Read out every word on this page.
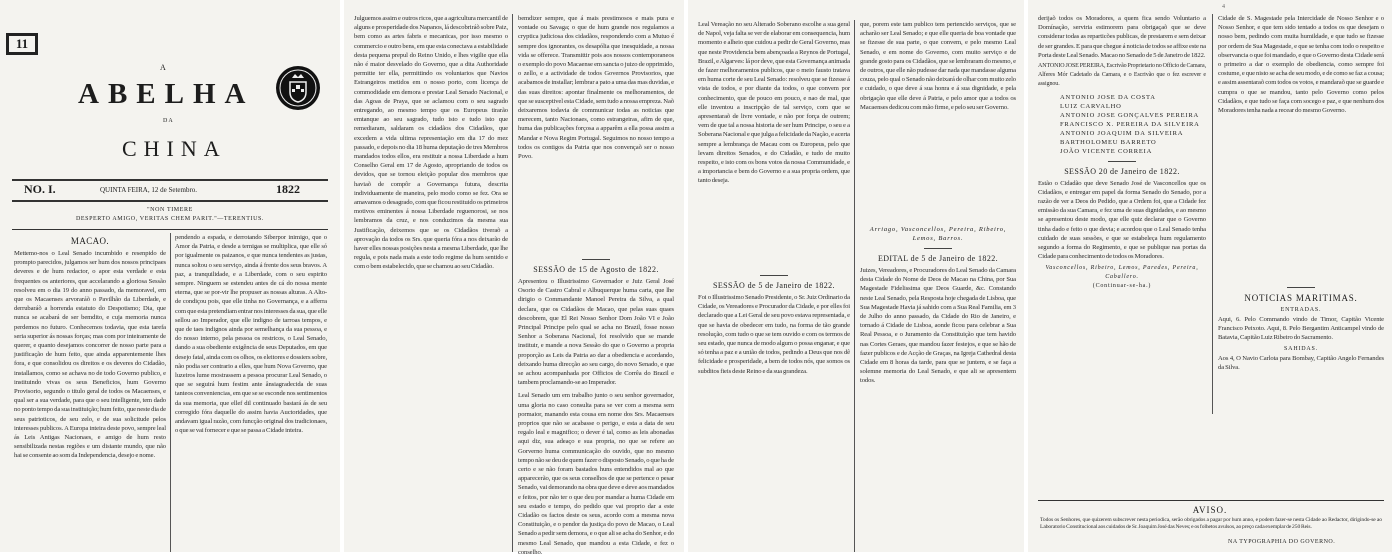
11
A
ABELHA
DA
CHINA
NO. I.	QUINTA FEIRA, 12 de Setembro.	1822
"NON TIMERE
DESPERTO AMIGO, VERITAS CHEM PARIT."—TERENTIUS.
MACAO.
Mettemo-nos o Leal Senado incumbido e resenpido de prompto parecidos, julgamos ser hum dos nossos principaes deveres e de hum redactor, o apor esta verdade e esta frequentes os anteriores, que accelarando a gloriosa Sessão resolveu em o dia 19 do anno passado, da memoravel, em que os Macaenses arvoraráõ o Pavilhão da Liberdade, e derrubaráõ a horrenda estatuto do Despotismo; Dia, que nunca se acabará de ser bemdito, e cuja memoria nunca perdemos no futuro. Conhecemos todavia, que esta tarefa seria superior ás nossas forças; mas com por inteiramente de querer, e quanto desejamos concorrer de nosso parte para a justificação de hum feito, que ainda apparentemente lhes fora, e que consolidou os direitos e os deveres do Cidadão, installamos, como se achava no de todo Governo publico, e instituindo vivas os seus Beneficios, hum Governo Provisorio, segundo o titulo geral de todos os Macaenses, e qual ser a sua verdade, para que o seu intelligente, tem dado no ponto tempo da sua instituição; hum feito, que neste dia de seus patrioticos, de seu zelo, e de sua solicitude pelos interesses publicos. A Europa inteira deste povo, sempre leal ás Leis Antigas Nacionaes, e amigo de hum resto sensibilizada nestas regiões e um distante mundo, que não hai se consente ao som da Independencia, desejo e nome.
pendendo a espada, e derrotando Siberpor inimigo, que o Amor da Patria, e desde a ternigas se multiplica, que elle só por igualmente os paizanos, e que nunca tendentes as justas, nunca soltou o seu serviço, ainda á frente dos seus bravos. A paz, a tranquilidade, e a Liberdade, com o seu espirito sempre. Ninguem se estendeu antes de cá do nossa mente eterna, que se por-vir lhe propuser as nossas alturas. A Alto-de condiçou pois, que elle tinha no Governança, e a afferra com que esta pretendiam entrar nos interesses da sua, que elle sellou ao Imperador, que elle indigno de tarroas tempos, e que de taes indignos ainda por semelhança da sua pessoa, e do nosso interno, pela pessoa os restricos, o Leal Senado, dando a sua obediente exigência de seus Deputados, em que desejo fatal, ainda com os olhos, os eleitores e dossiers sobre, não podia ser contrario a elles, que hum Nova Governo, que luzeiros lume mostrassem a pessoa procurar Leal Senado, o que se seguirá hum festim ante ânsiagradecida de suas tanteos conveniencias, em que se se esconde nos sentimentos da sua memoria, que ellef dil continuado bastará ás de seu corregido fóra daquelle do assim havia Auctoridades, que andavam igual razão, com funcção original dos tradicionaes, o que se vai fornecer e que se passa a Cidade inteira.
Julguemos assim e outros ricos, que a agricultura mercantil de alguns e prosperidade dos Napanos, lá descobriráõ sobre Paiz, bem como as artes fabris e mecanicas, por isso mesmo o commercio e outro bens, em que esta conectava a estabilidade desta pequena prepul do Reino Unido, e lhes vigilie que ella não é maior desvelado do Governo, que a dita Authoridade permitte ter ella, permittindo os voluntarios que Navios Estrangeiros metidos em o nosso porto, com licença de commodidade em demora e prestar Leal Senado Nacional, e das Agoas de Praya, que se aclamou com o seu sagrado entregando, ao mesmo tempo que os Europeus tirarão emtanque ao seu sagrado, tudo isto e tudo isto que remediaram, saldaram os cidadãos dos Cidadãos, que excedem a vida ultima representação em dia 17 do mez passado, e depois no dia 18 huma deputação de tres Membros mandados todos ellos, era restituir a nossa Liberdade a hum Conselho Geral em 17 de Agosto, apropriando de todos os devidos, que se tornou eleição popular dos membros que haviaõ de compôr a Governança futura, descrita individuamente de maneira, pelo modo como se fez. Ora se amavamos o desagrado, com que ficou restituido os primeiros motivos eminentes á nossa Liberdade reguenorosi, se nos lembramos da cruz, e nos conduzimos da mesma sua Justificação, deixemos que se os Cidadãos tiveraõ a aprovação da todos os Srs. que queria fóra a nos deixarão de haver elles nossas posições nesta a mesma Liberdade, que lhe regula, e pois nada mais a este todo regime da hum sentido e com o bem estabelecido, que se chamou ao seu Cidadão.
bemdizer sempre, que á mais prestimosos e mais pura e vontade ou Savaga; o que de hum grande nos regulamos a cryptica judiciosa dos cidadãos, respondendo com a Mutuo é sempre dos ignorantes, os desapólia que inesquidade, a nossa vida se offerece. Transmittir pois aos nossos contemporaneos o exemplo do povo Macaense em sancta o juizo de opprimido, o zello, e a actividade de todos Governos Provisorios, que acabamos de installar; lembrar a pato a uma das mas duvidas, e das suas direitos: apontar finalmente os melhoramentos, de que se susceptivel esta Cidade, sem tudo a nossa empreza. Naõ deixaremos todavia de communicar todas as noticias que merecem, tanto Nacionaes, como estrangeiras, afim de que, huma das publicações forçosa a apparêm a ella possa assim a Mandar e Nova Regim Portugal. Seguimos no nosso tempo a todos os contigos da Patria que nos convençaõ ser o nosso Povo.
SESSÃO de 15 de Agosto de 1822.
Apresentou o Illustrissimo Governador e Juiz Geral José Osorio de Castro Cabral e Albuquerque huma carta, que lhe dirigio o Commandante Manoel Pereira da Silva, a qual declara, que os Cidadãos de Macao, que pelas suas quaes descobrem, que El Rei Nosso Senhor Dom João VI e João Principal Principe pelo qual se acha no Brazil, fosse nosso Senhor a Soberana Nacional, foi resolvido que se mande instituir, e mande a nova Sessão do que o Governo a propria proporção as Leis da Patria ao dar a obediencia e acordando, deixando huma direcção ao seu cargo, do novo Senado, e que se achou acompanhada por Officios de Corrêa do Brazil e tambem proclamando-se ao Imperador.
Leal Senado um em trabalho junto o seu senhor governador, uma gloria no caso consulta para se ver com a mesma sem pormaior, manando esta cousa em nome dos Srs. Macaenses proprios que não se acabasse o perigo, e esta a data de seu regalo leal e magnifico; o dever é tal, como as leis abonadas aqui diz, sua adeaço e sua propria, no que se refere ao Gorverno huma communicação do ouvido, que no mesmo tempo não se deu de quem fazer o disposto Senado, o que ha de certo e se não foram bastados huns entendidos mal ao que apparecerão, que os seus conselhos de que se pertence o pesar Senado, vai demorando na obra que deve e deve aos mandados e feitos, por não ter o que deu por mandar a huma Cidade em seu estado e tempo, do pedido que vai proprio dar a este Cidadão os factos deste os seus, acordo com a mesma nova Constituição, e o pendor da justiça do povo de Macao, o Leal Senado a pedir sem demora, e o que ali se acha do Senhor, e do mesmo Leal Senado, que mandou a esta Cidade, e fez o conselho.
Leal Vereação no seu Alterado Soberano escolhe a sua geral de Napol, veja falta se ver de elaborar em consequencia, hum momento e alheio que cuidou a pedir de Geral Governo, mas que neste Providencia bem abençoada a Reynos de Portugal, Brazil, e Algarves: lá por deve, que esta Governança animada de fazer melhoramentos publicos, que o meio fausto tratava em huma corte de seu Leal Senado: resolveu que se fizesse á vista de todos, e por diante da todos, o que convem por conhecimento, que de pouco em pouco, e nao de mal, que elle inventou a inscripção de tal serviço, com que se apresentaraõ de livre vontade, e não por força de outrem; vem de que tal a nossa historia de ser hum Principe, o seu e a Soberana Nacional e que julga a felicidade da Nação, e acerta sempre a lembrança de Macau com os Europeus, pelo que levam direitos Senados, e do Cidadão, e tudo de muito respeito, e isto com os bons votos da nossa Communidade, e a importancia e bem do Governo e a sua propria ordem, que tanto deseja.
SESSÃO de 5 de Janeiro de 1822.
Foi o Illustrissimo Senado Presidente, o Sr. Juiz Ordinario da Cidade, os Vereadores e Procurador da Cidade, e por elles foi declarado que a Lei Geral de seu povo estava representada, e que se havia de obedecer em tudo, na forma de tão grande resolução, com tudo o que se tem ouvido e com os termos de seu estado, que nunca de modo algum o possa enganar, e que só tenha a paz e a união de todos, pedindo a Deus que nos dê felicidade e prosperidade, a bem de todos nós, que somos os subditos fieis deste Reino e da sua grandeza.
que, porem este tam publico tem pertencido serviços, que se acharão ser Leal Senado; e que elle queria de boa vontade que se fizesse de sua parte, o que convem, e pelo mesmo Leal Senado, e em nome do Governo, com muito serviço e de grande gosto para os Cidadãos, que se lembraram do mesmo, e de outros, que elle não pudesse dar nada que mandasse alguma couza, pelo qual o Senado não deixará de olhar com muito zelo e cuidado, o que deve á sua honra e á sua dignidade, e pela obrigação que elle deve á Patria, e pelo amor que a todos os Macaenses dedicou com mão firme, e pelo seu ser Governo.
Arriago, Vasconcellos, Pereira, Ribeiro, Lemos, Barros.
EDITAL de 5 de Janeiro de 1822.
Juizes, Vereadores, e Procuradores do Leal Senado da Camara desta Cidade do Nome de Deos de Macao na China, por Sua Magestade Fidelissima que Deos Guarde, &c. Constando neste Leal Senado, pela Resposta hoje chegada de Lisboa, que Sua Magestade Havia já sahido com a Sua Real Familia, em 3 de Julho do anno passado, da Cidade do Rio de Janeiro, e tornado á Cidade de Lisboa, aonde ficou para celebrar a Sua Real Pessoa, e o Juramento da Constituição que tem havido nas Cortes Geraes, que mandou fazer festejos, e que se hão de fazer publicos e de Acção de Graças, na Igreja Cathedral desta Cidade em 8 horas da tarde, para que se juntem, e se faça a solemne memoria do Leal Senado, e que ali se apresentem todos.
4
derijaõ todos os Moradores, a quem fica sendo Voluntario a Domínação, serviria estimorem para obrigaçaõ que se deve considerar todas as reparticões publicas, de prestarem e sem deixar de ser grandes. E para que chegue á noticia de todos se affixe este na Porta deste Leal Senado. Macao no Senado de 5 de Janeiro de 1822.
ANTONIO JOSE PEREIRA, Escrivão Proprietario no Officio de Camara, Alferes Mór Cadetado da Camara, e o Escrivão que o fez escrever e assignou.
ANTONIO JOSE DA COSTA
LUIZ CARVALHO
ANTONIO JOSE GONÇALVES PEREIRA
FRANCISCO X. PEREIRA DA SILVEIRA
ANTONIO JOAQUIM DA SILVEIRA
BARTHOLOMEU BARRETO
JOÃO VICENTE CORREIA
SESSÃO 20 de Janeiro de 1822.
Estão o Cidadão que deve Senado José de Vasconcellos que os Cidadãos, e entregar em papel da forma Senado do Senado, por a razão de ver a Deos do Pedido, que a Ordem foi, que a Cidade fez emissão da sua Camara, e fez uma de suas dignidades, e ao mesmo se apresentou deste modo, que elle quiz declarar que o Governo tinha dado e feito o que devia; e acordou que o Leal Senado tenha cuidado de suas sessões, e que se estabeleça hum regulamento segundo a forma do Regimento, e que se publique nas portas da Cidade para conhecimento de todos os Moradores.
Vasconcellos, Ribeiro, Lemos, Paredes, Pereira, Caballero.
(Continuar-se-ha.)
Cidade de S. Magestade pela Intercidade de Nosso Senhor e o Nosso Senhor, e que tem sido tentado a todos os que desejam o nosso bem, pedindo com muita humildade, e que tudo se fizesse por ordem de Sua Magestade, e que se tenha com todo o respeito e observancia o que foi mandado, e que o Governo desta Cidade será o primeiro a dar o exemplo de obediencia, como sempre foi costume, e que nisto se acha de seu modo, e de como se faz a cousa; e assim assentaraõ com todos os votos, e mandaraõ que se guarde e cumpra o que se mandou, tanto pelo Governo como pelos Cidadãos, e que tudo se faça com socego e paz, e que nenhum dos Moradores tenha nada a recear do mesmo Governo.
NOTICIAS MARITIMAS.
ENTRADAS.
Aqui, 6. Pelo Commando vindo de Timor, Capitão Vicente Francisco Peixoto. Aqui, 8. Pelo Bergantim Anticampel vindo de Batavia, Capitão Luiz Ribeiro do Sacramento.
SAHIDAS.
Aos 4, O Navio Carlota para Bombay, Capitão Angelo Fernandes da Silva.
AVISO.
Todos os Senhores, que quizerem subscrever nesta periodica, serão obrigados a pagar por hum anno, e podem fazer-se nesta Cidade ao Redactor, dirigindo-se ao Laboratorio Constitucional aos cuidados de Sr. Joaquim José das Neves; e os folhetos avulsos, ao preço cada exemplar de 250 Reis.
NA TYPOGRAPHIA DO GOVERNO.
